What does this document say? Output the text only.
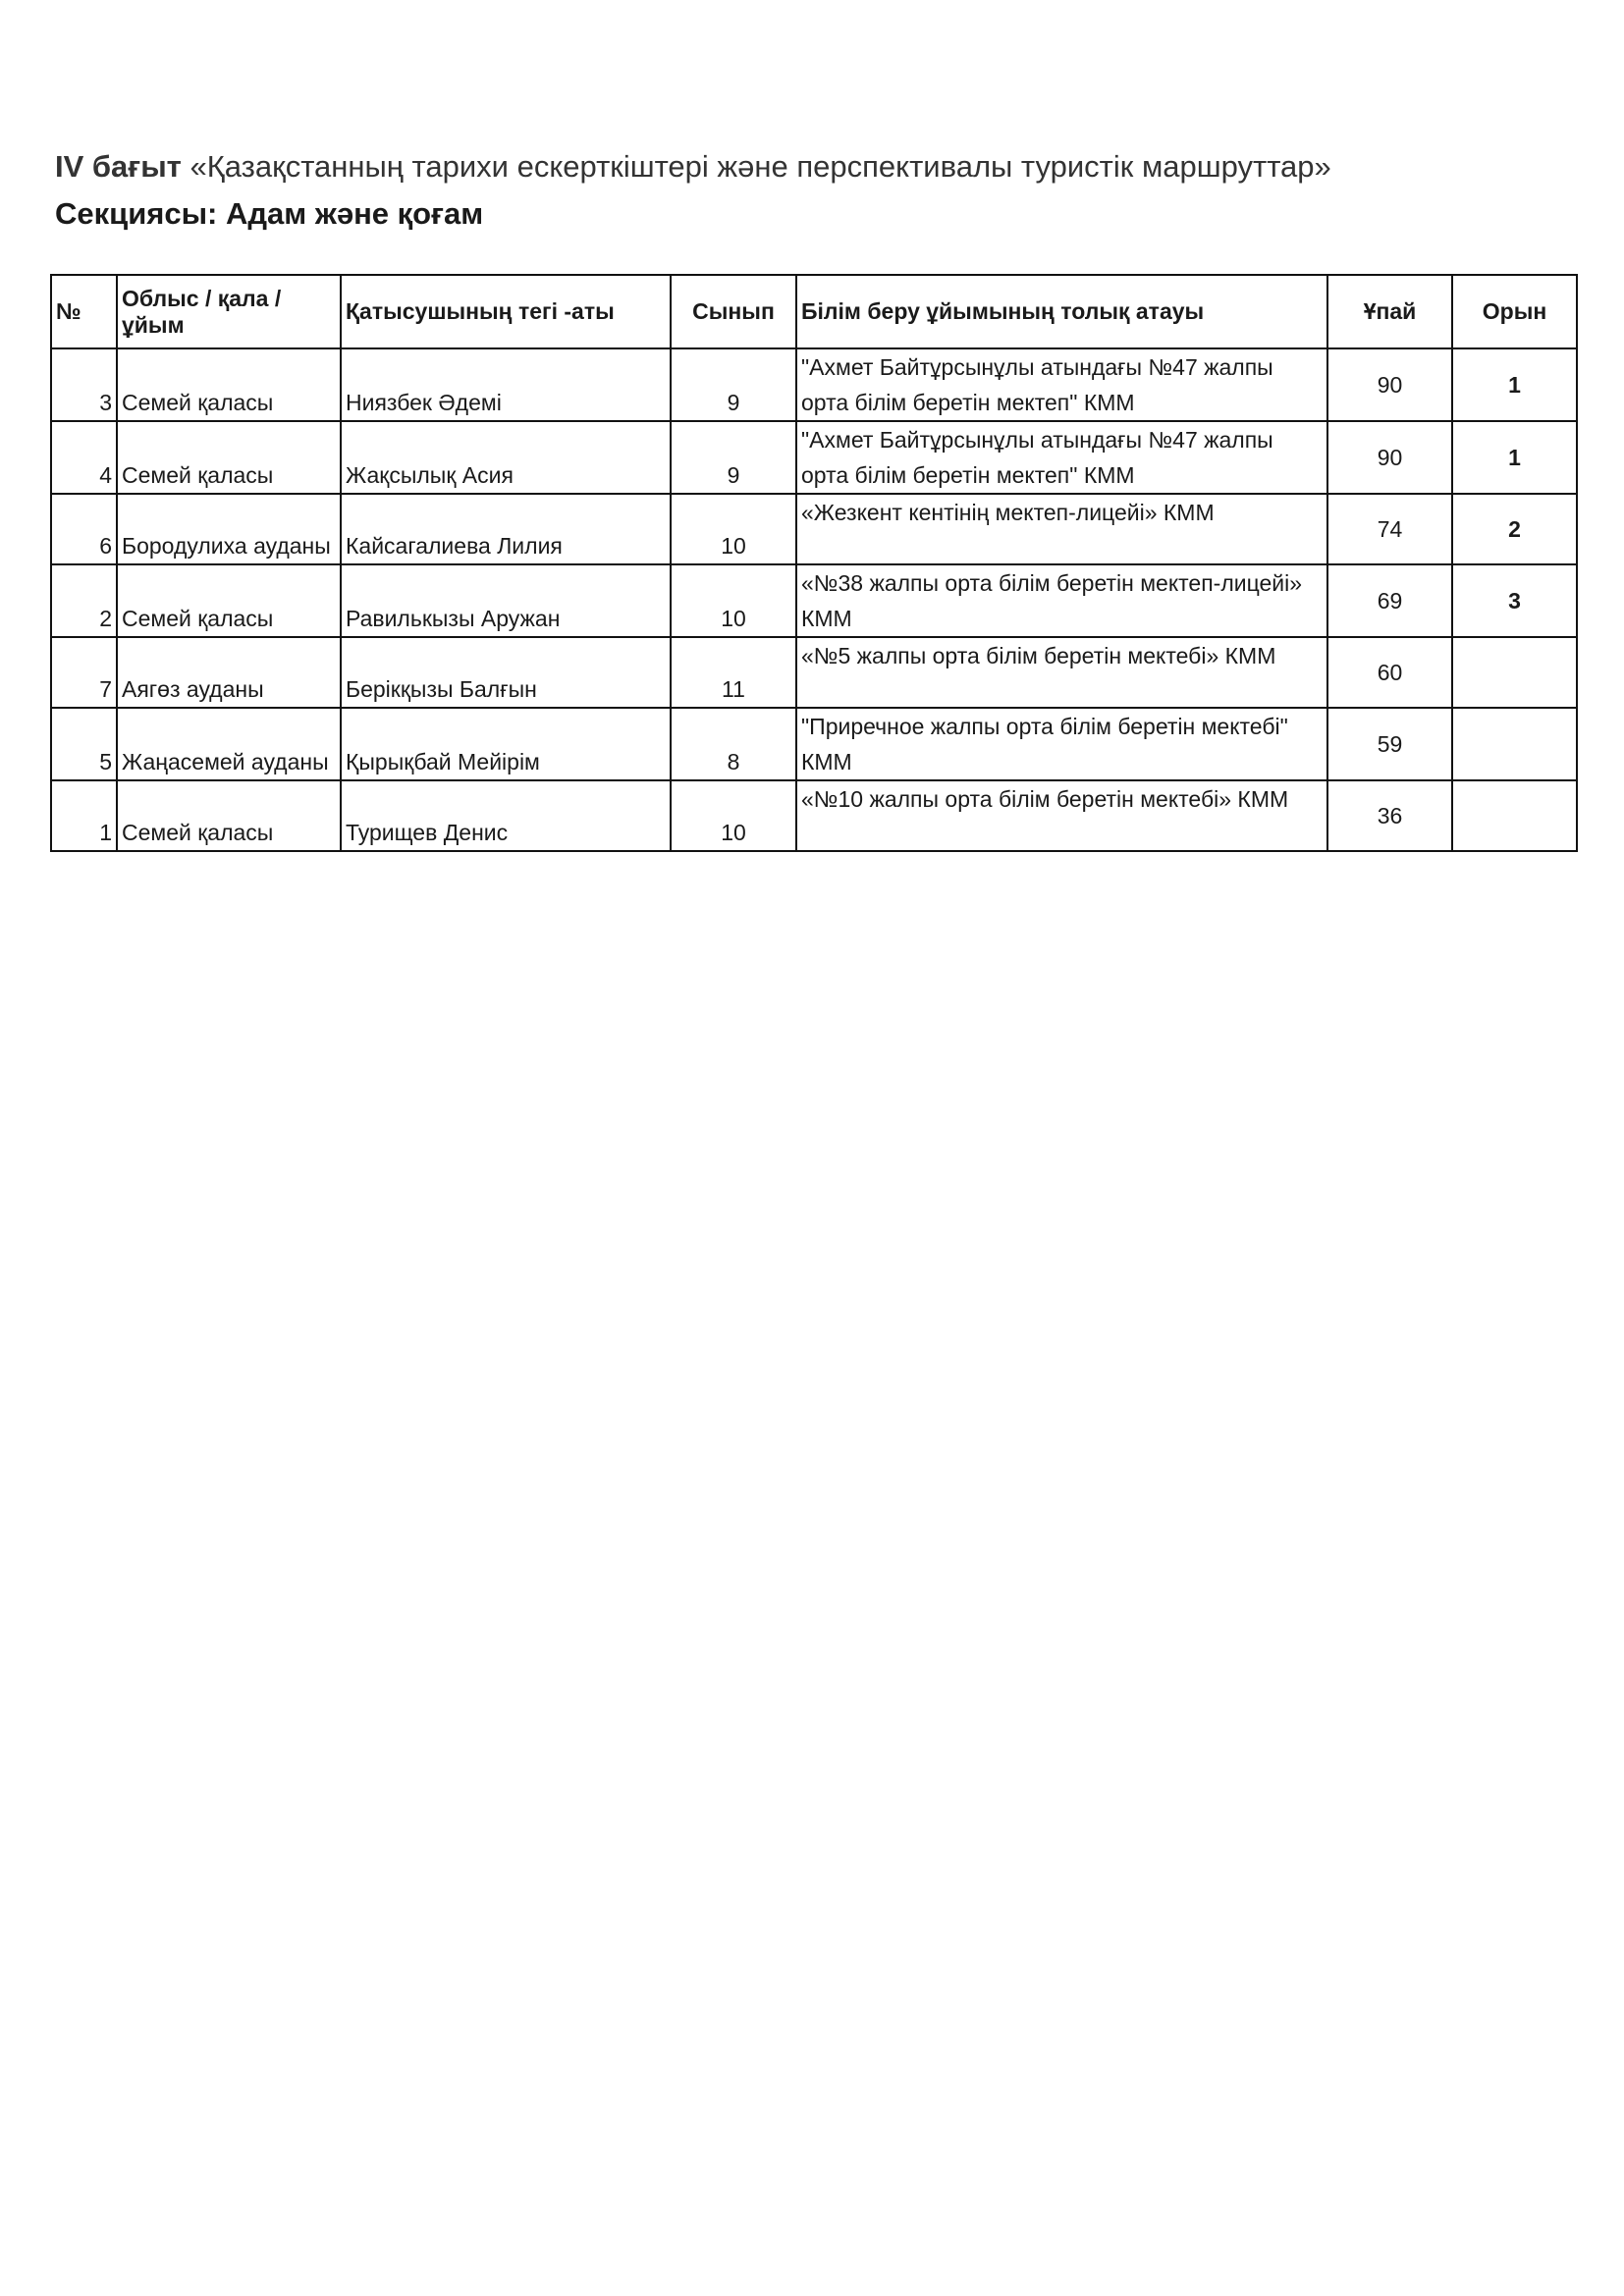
IV бағыт «Қазақстанның тарихи ескерткіштері және перспективалы туристік маршруттар»
Секциясы: Адам және қоғам
№	Облыс / қала / ұйым	Қатысушының тегі -аты	Сынып	Білім беру ұйымының толық атауы	Ұпай	Орын
3	Семей қаласы	Ниязбек Әдемі	9	"Ахмет Байтұрсынұлы атындағы №47 жалпы орта білім беретін мектеп" КММ	90	1
4	Семей қаласы	Жақсылық Асия	9	"Ахмет Байтұрсынұлы атындағы №47 жалпы орта білім беретін мектеп" КММ	90	1
6	Бородулиха ауданы	Кайсагалиева Лилия	10	«Жезкент кентінің мектеп-лицейі» КММ	74	2
2	Семей қаласы	Равилькызы Аружан	10	«№38 жалпы орта білім беретін мектеп-лицейі» КММ	69	3
7	Аягөз ауданы	Берікқызы Балғын	11	«№5 жалпы орта білім беретін мектебі» КММ	60	
5	Жаңасемей ауданы	Қырықбай Мейірім	8	"Приречное жалпы орта білім беретін мектебі" КММ	59	
1	Семей қаласы	Турищев Денис	10	«№10 жалпы орта білім беретін мектебі» КММ	36	
